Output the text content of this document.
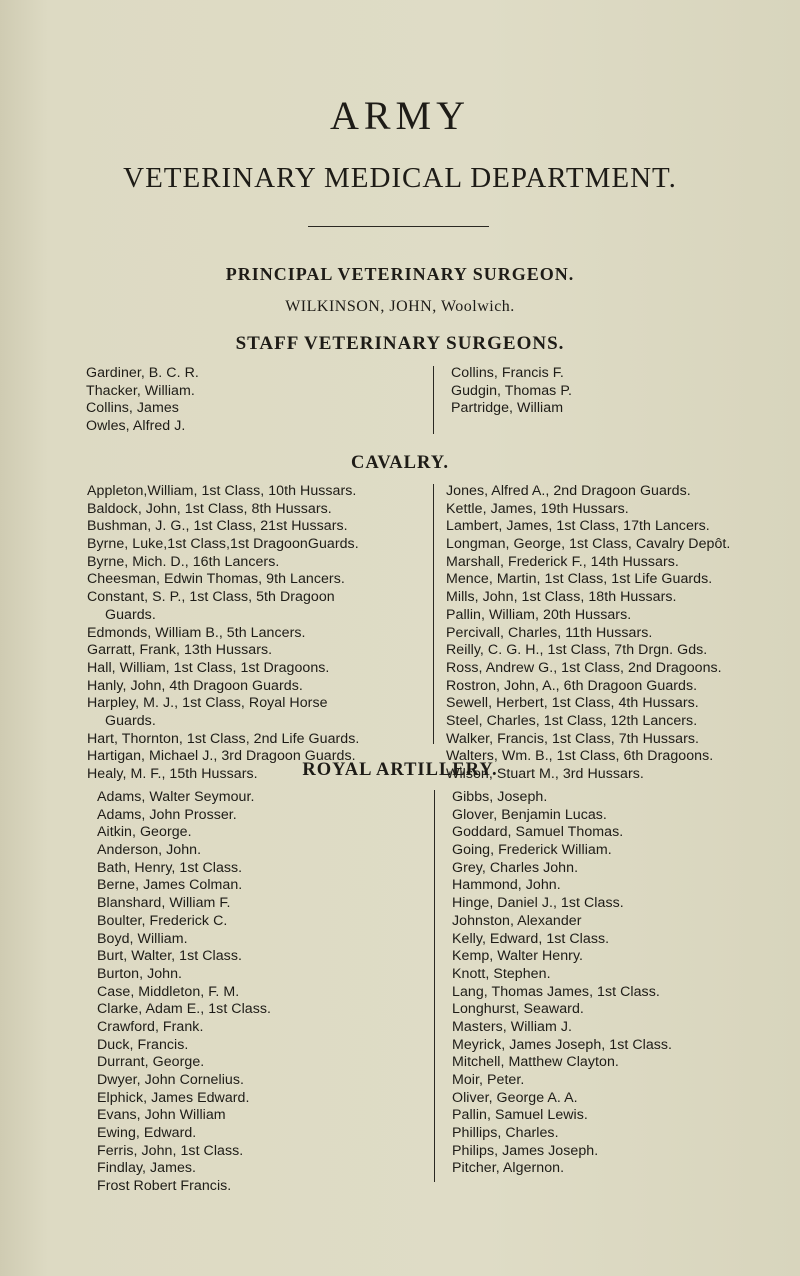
ARMY
VETERINARY MEDICAL DEPARTMENT.
PRINCIPAL VETERINARY SURGEON.
WILKINSON, JOHN, Woolwich.
STAFF VETERINARY SURGEONS.
Gardiner, B. C. R.
Thacker, William.
Collins, James
Owles, Alfred J.
Collins, Francis F.
Gudgin, Thomas P.
Partridge, William
CAVALRY.
Appleton,William, 1st Class, 10th Hussars.
Baldock, John, 1st Class, 8th Hussars.
Bushman, J. G., 1st Class, 21st Hussars.
Byrne, Luke,1st Class,1st DragoonGuards.
Byrne, Mich. D., 16th Lancers.
Cheesman, Edwin Thomas, 9th Lancers.
Constant, S. P., 1st Class, 5th Dragoon
Guards.
Edmonds, William B., 5th Lancers.
Garratt, Frank, 13th Hussars.
Hall, William, 1st Class, 1st Dragoons.
Hanly, John, 4th Dragoon Guards.
Harpley, M. J., 1st Class, Royal Horse
Guards.
Hart, Thornton, 1st Class, 2nd Life Guards.
Hartigan, Michael J., 3rd Dragoon Guards.
Healy, M. F., 15th Hussars.
Jones, Alfred A., 2nd Dragoon Guards.
Kettle, James, 19th Hussars.
Lambert, James, 1st Class, 17th Lancers.
Longman, George, 1st Class, Cavalry Depôt.
Marshall, Frederick F., 14th Hussars.
Mence, Martin, 1st Class, 1st Life Guards.
Mills, John, 1st Class, 18th Hussars.
Pallin, William, 20th Hussars.
Percivall, Charles, 11th Hussars.
Reilly, C. G. H., 1st Class, 7th Drgn. Gds.
Ross, Andrew G., 1st Class, 2nd Dragoons.
Rostron, John, A., 6th Dragoon Guards.
Sewell, Herbert, 1st Class, 4th Hussars.
Steel, Charles, 1st Class, 12th Lancers.
Walker, Francis, 1st Class, 7th Hussars.
Walters, Wm. B., 1st Class, 6th Dragoons.
Wilson, Stuart M., 3rd Hussars.
ROYAL ARTILLERY.
Adams, Walter Seymour.
Adams, John Prosser.
Aitkin, George.
Anderson, John.
Bath, Henry, 1st Class.
Berne, James Colman.
Blanshard, William F.
Boulter, Frederick C.
Boyd, William.
Burt, Walter, 1st Class.
Burton, John.
Case, Middleton, F. M.
Clarke, Adam E., 1st Class.
Crawford, Frank.
Duck, Francis.
Durrant, George.
Dwyer, John Cornelius.
Elphick, James Edward.
Evans, John William
Ewing, Edward.
Ferris, John, 1st Class.
Findlay, James.
Frost Robert Francis.
Gibbs, Joseph.
Glover, Benjamin Lucas.
Goddard, Samuel Thomas.
Going, Frederick William.
Grey, Charles John.
Hammond, John.
Hinge, Daniel J., 1st Class.
Johnston, Alexander
Kelly, Edward, 1st Class.
Kemp, Walter Henry.
Knott, Stephen.
Lang, Thomas James, 1st Class.
Longhurst, Seaward.
Masters, William J.
Meyrick, James Joseph, 1st Class.
Mitchell, Matthew Clayton.
Moir, Peter.
Oliver, George A. A.
Pallin, Samuel Lewis.
Phillips, Charles.
Philips, James Joseph.
Pitcher, Algernon.
